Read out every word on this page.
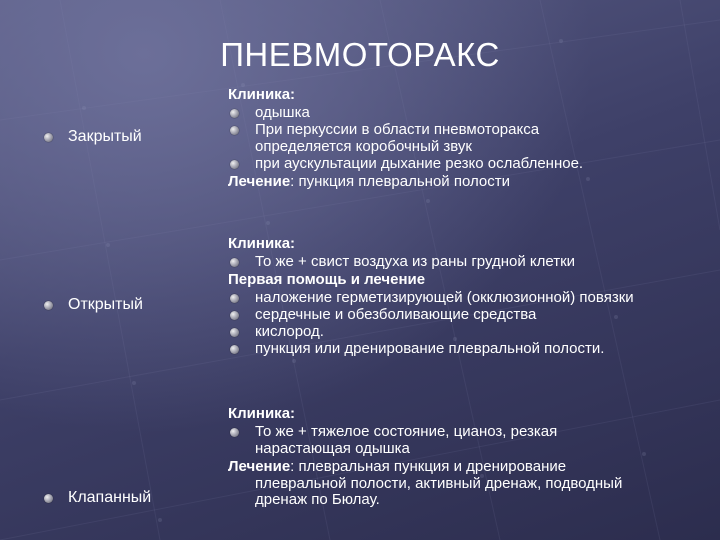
ПНЕВМОТОРАКС
Закрытый
Клиника:
одышка
При перкуссии в области пневмоторакса определяется коробочный звук
при аускультации дыхание резко ослабленное.
Лечение: пункция плевральной полости
Открытый
Клиника:
То же + свист воздуха из раны грудной клетки
Первая помощь и лечение
наложение герметизирующей (окклюзионной) повязки
сердечные и обезболивающие средства
кислород.
пункция или дренирование плевральной полости.
Клапанный
Клиника:
То же + тяжелое состояние, цианоз, резкая нарастающая одышка
Лечение: плевральная пункция и дренирование
плевральной полости, активный дренаж, подводный
дренаж по Бюлау.
